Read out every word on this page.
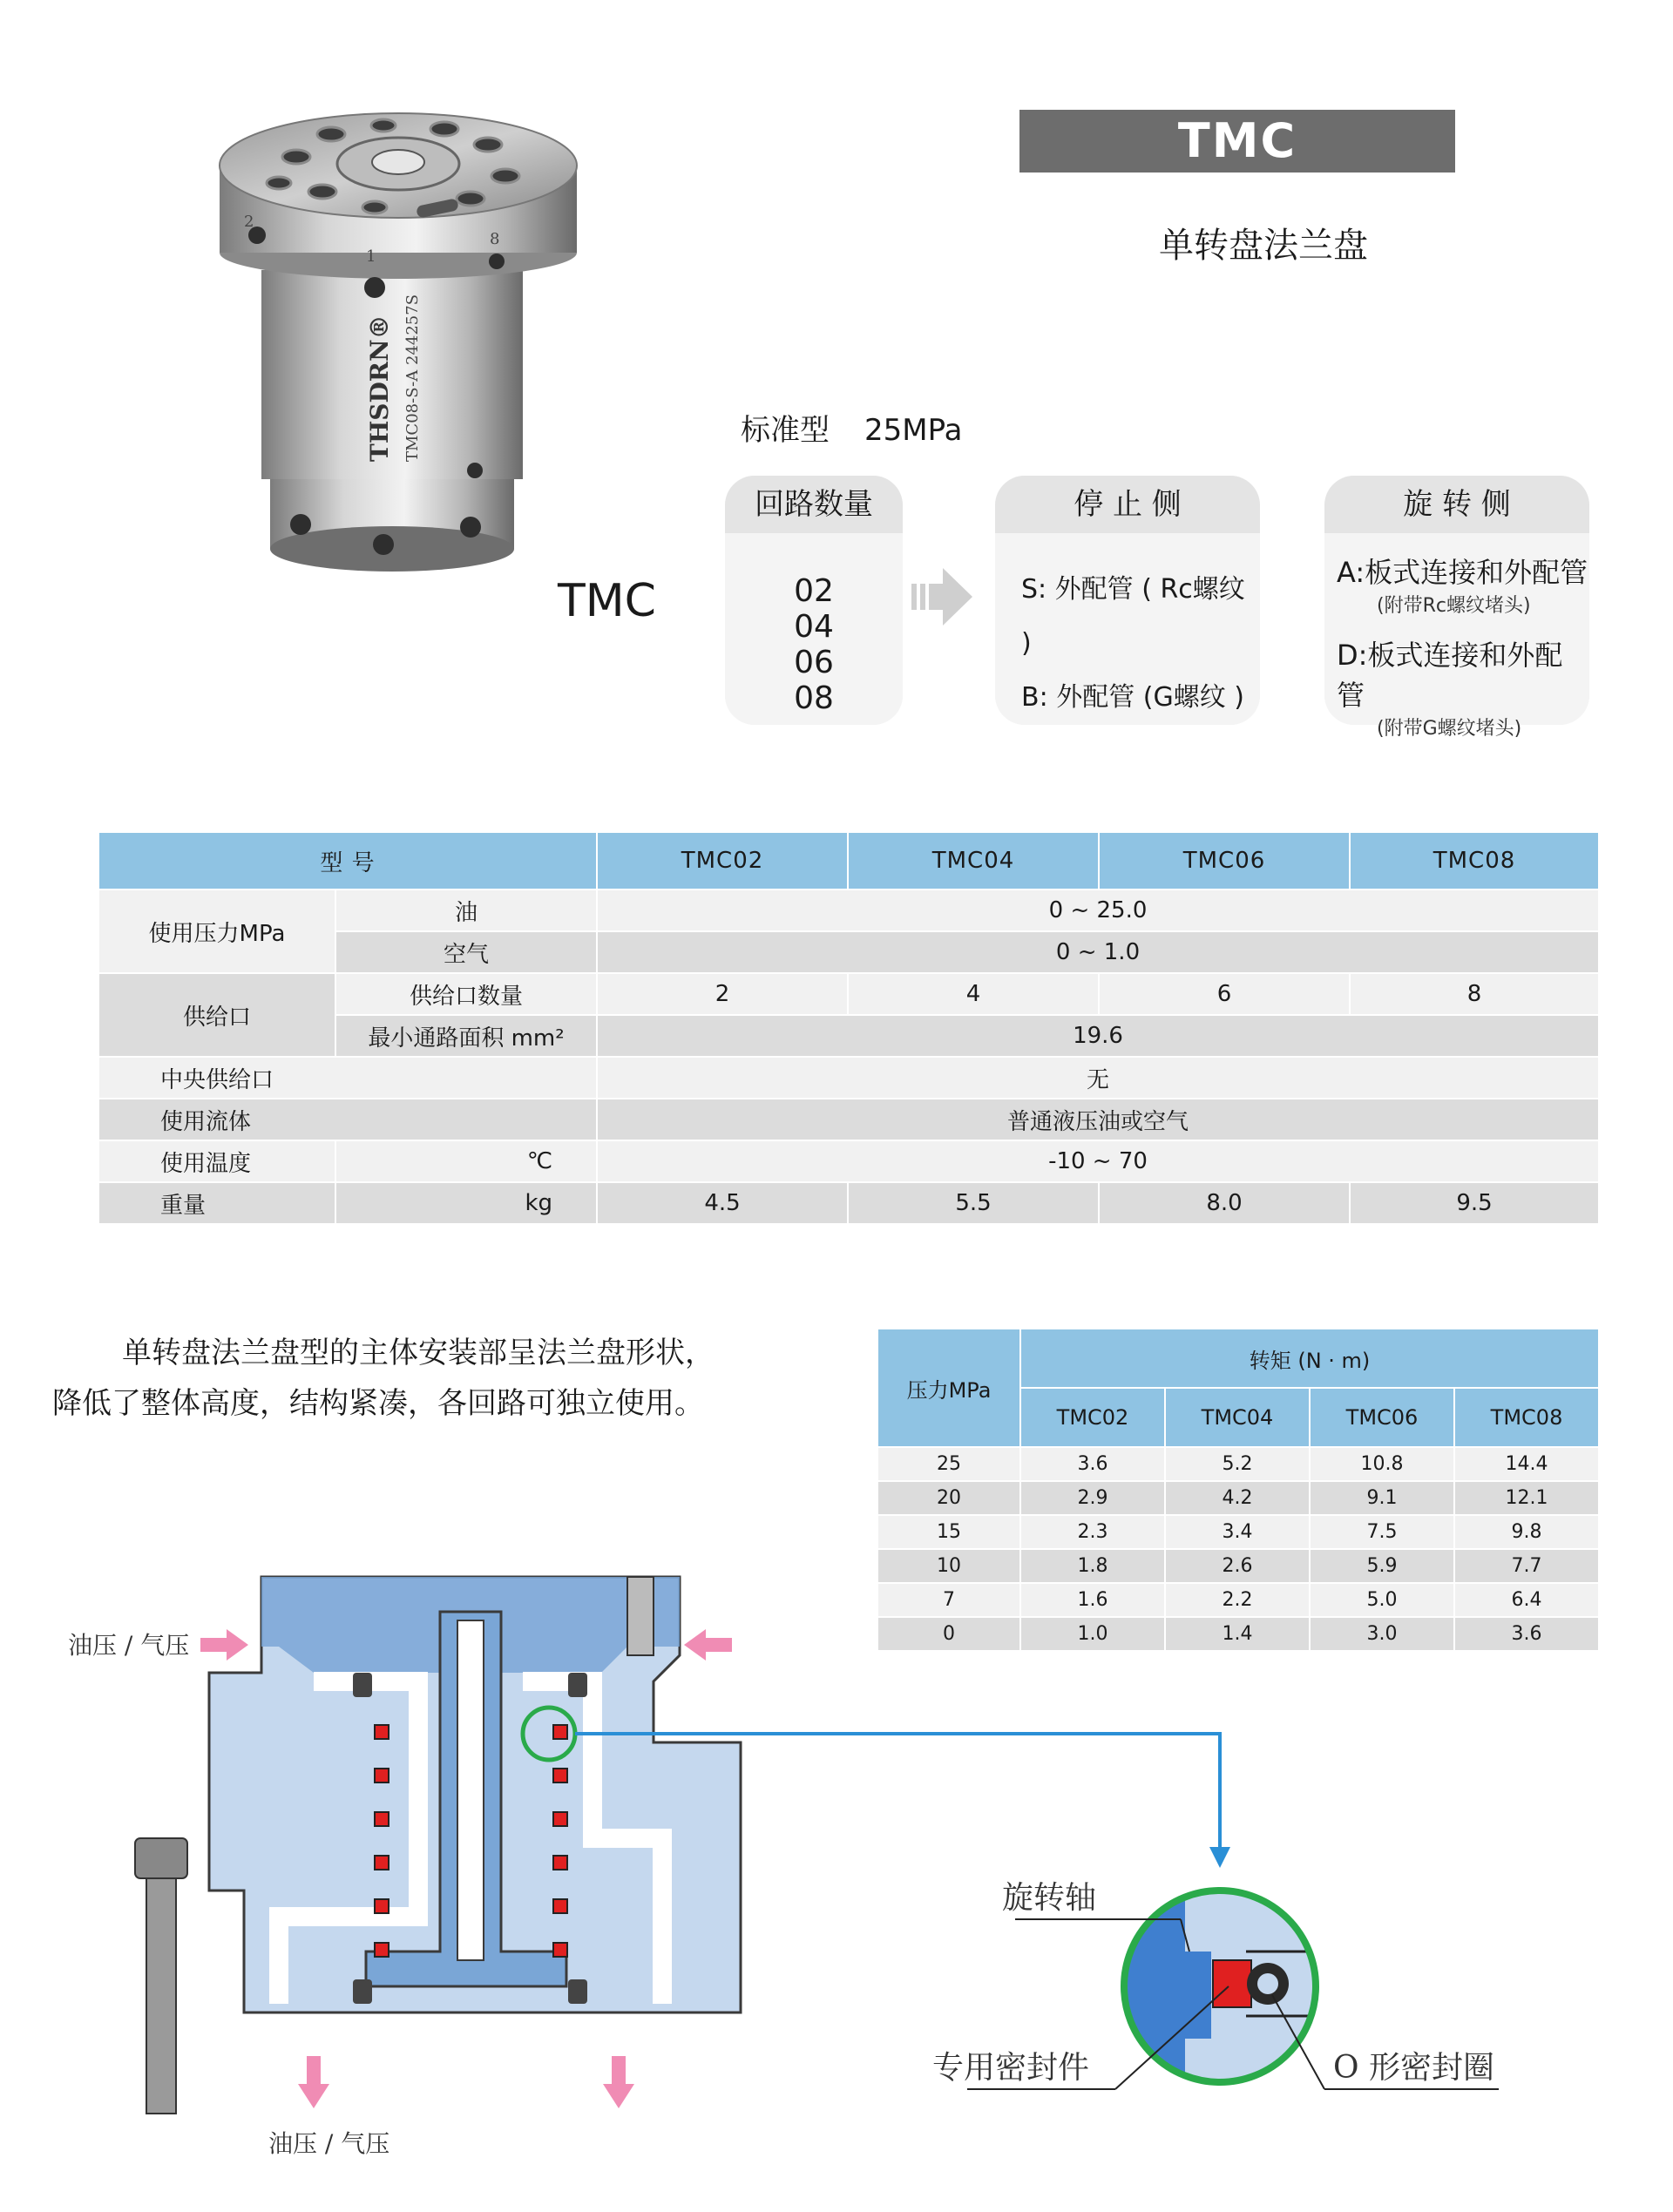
TMC
单转盘法兰盘
2
1
8
THSDRN® TMC08-S-A 244257S	标准型 25MPa
TMC
回路数量
02
04
06
08
停 止 侧
S: 外配管 ( Rc螺纹 )
B: 外配管 (G螺纹 )
旋 转 侧
A:板式连接和外配管
(附带Rc螺纹堵头)
D:板式连接和外配管
(附带G螺纹堵头)
型 号		TMC02	TMC04	TMC06	TMC08
使用压力MPa	油	0 ~ 25.0			
	空气	0 ~ 1.0			
供给口	供给口数量	2	4	6	8
	最小通路面积 mm²	19.6			
中央供给口		无			
使用流体		普通液压油或空气			
使用温度	℃	-10 ~ 70			
重量	kg	4.5	5.5	8.0	9.5

单转盘法兰盘型的主体安装部呈法兰盘形状，

降低了整体高度，结构紧凑，各回路可独立使用。	压力MPa	转矩 (N · m)			
	TMC02	TMC04	TMC06	TMC08
25	3.6	5.2	10.8	14.4
20	2.9	4.2	9.1	12.1
15	2.3	3.4	7.5	9.8
10	1.8	2.6	5.9	7.7
7	1.6	2.2	5.0	6.4
0	1.0	1.4	3.0	3.6
油压 / 气压
油压 / 气压
旋转轴
专用密封件	O 形密封圈
